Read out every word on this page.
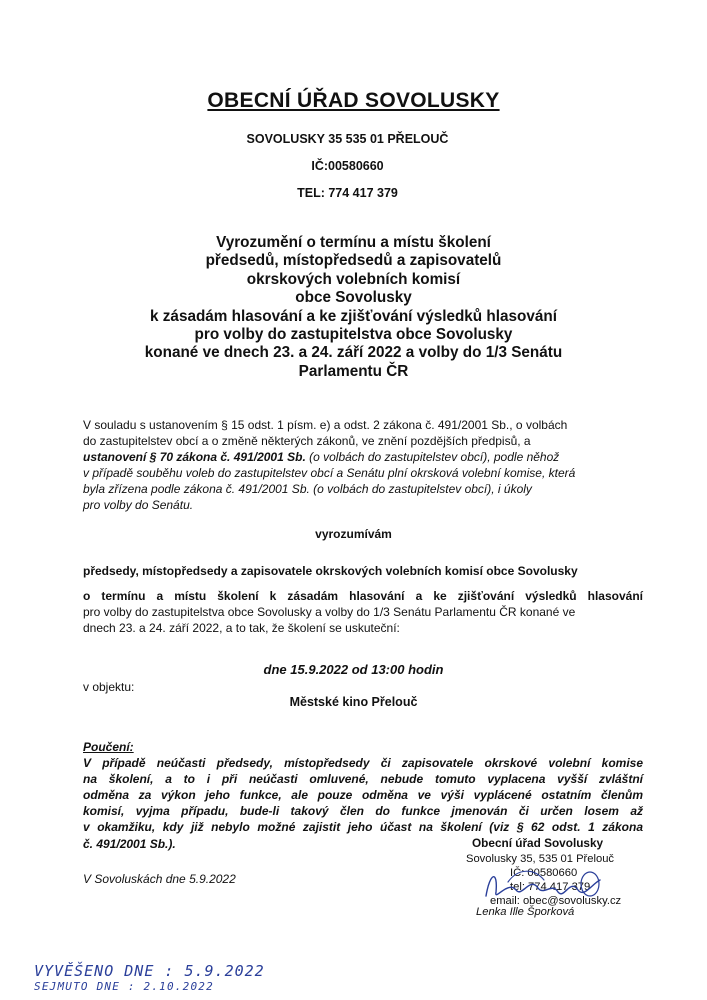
OBECNÍ ÚŘAD SOVOLUSKY
SOVOLUSKY 35 535 01 PŘELOUČ
IČ:00580660
TEL: 774 417 379
Vyrozumění o termínu a místu školení
předsedů, místopředsedů a zapisovatelů
okrskových volebních komisí
obce Sovolusky
k zásadám hlasování a ke zjišťování výsledků hlasování
pro volby do zastupitelstva obce Sovolusky
konané ve dnech 23. a 24. září 2022 a volby do 1/3 Senátu
Parlamentu ČR
V souladu s ustanovením § 15 odst. 1 písm. e) a odst. 2 zákona č. 491/2001 Sb., o volbách
do zastupitelstev obcí a o změně některých zákonů, ve znění pozdějších předpisů, a
ustanovení § 70 zákona č. 491/2001 Sb. (o volbách do zastupitelstev obcí), podle něhož
v případě souběhu voleb do zastupitelstev obcí a Senátu plní okrsková volební komise, která
byla zřízena podle zákona č. 491/2001 Sb. (o volbách do zastupitelstev obcí), i úkoly
pro volby do Senátu.
vyrozumívám
předsedy, místopředsedy a zapisovatele okrskových volebních komisí obce Sovolusky
o termínu a místu školení k zásadám hlasování a ke zjišťování výsledků hlasování
pro volby do zastupitelstva obce Sovolusky a volby do 1/3 Senátu Parlamentu ČR konané ve
dnech 23. a 24. září 2022, a to tak, že školení se uskuteční:
dne 15.9.2022 od 13:00 hodin
v objektu:
Městské kino Přelouč
Poučení:
V případě neúčasti předsedy, místopředsedy či zapisovatele okrskové volební komise
na školení, a to i při neúčasti omluvené, nebude tomuto vyplacena vyšší zvláštní
odměna za výkon jeho funkce, ale pouze odměna ve výši vyplácené ostatním členům
komisí, vyjma případu, bude-li takový člen do funkce jmenován či určen losem až
v okamžiku, kdy již nebylo možné zajistit jeho účast na školení (viz § 62 odst. 1 zákona
č. 491/2001 Sb.).
V Sovoluskách dne 5.9.2022
Obecní úřad Sovolusky
Sovolusky 35, 535 01 Přelouč
IČ: 00580660
tel: 774 417 379
email: obec@sovolusky.cz
Lenka Ille Šporková
VYVĚŠENO DNE : 5.9.2022
SEJMUTO DNE : 2.10.2022
